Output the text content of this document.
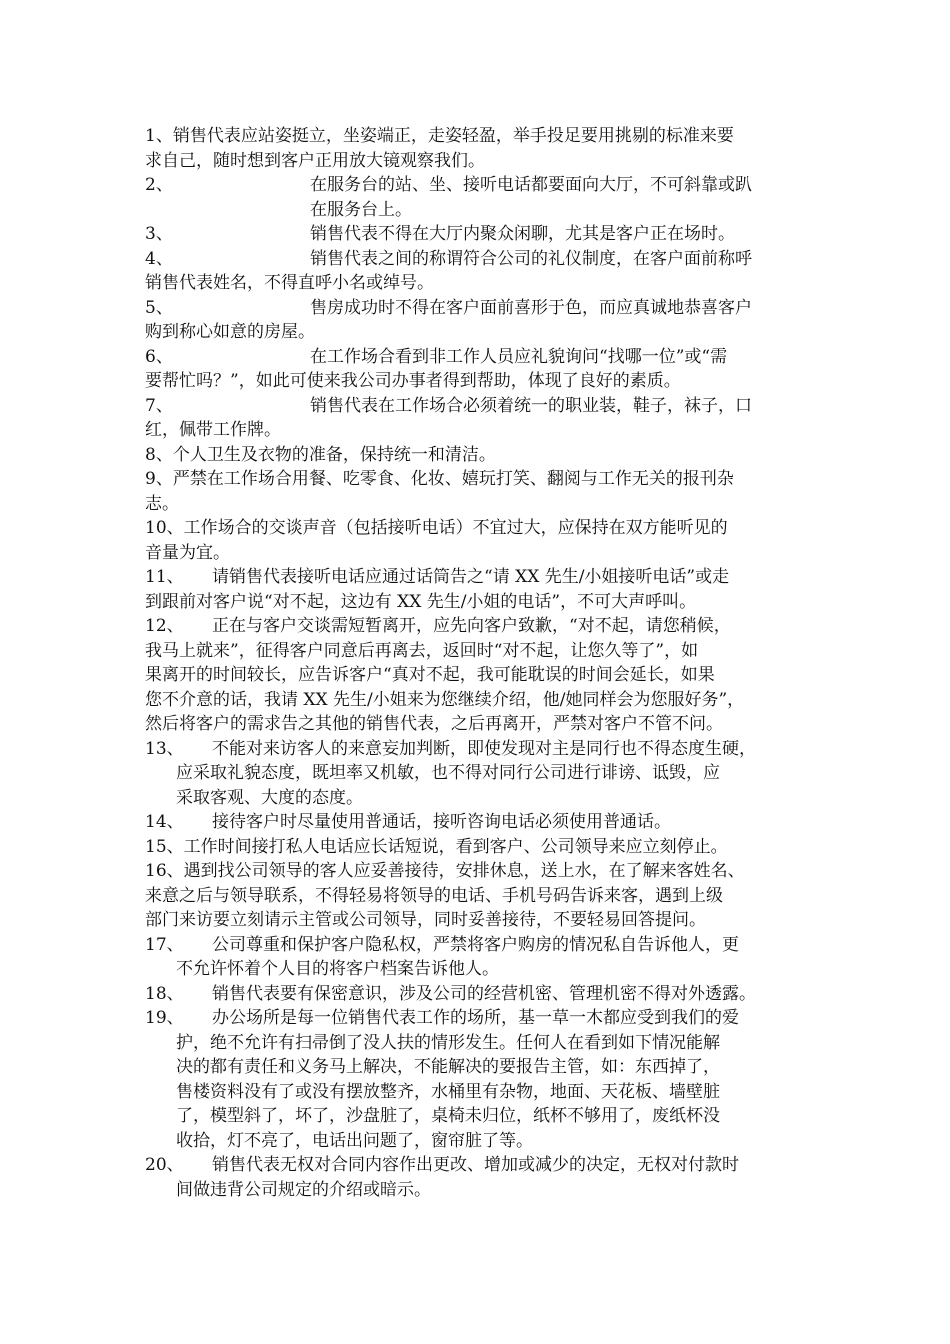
1、销售代表应站姿挺立，坐姿端正，走姿轻盈，举手投足要用挑剔的标准来要
求自己，随时想到客户正用放大镜观察我们。
2、	在服务台的站、坐、接听电话都要面向大厅，不可斜靠或趴
在服务台上。
3、	销售代表不得在大厅内聚众闲聊，尤其是客户正在场时。
4、	销售代表之间的称谓符合公司的礼仪制度，在客户面前称呼
销售代表姓名，不得直呼小名或绰号。
5、	售房成功时不得在客户面前喜形于色，而应真诚地恭喜客户
购到称心如意的房屋。
6、	在工作场合看到非工作人员应礼貌询问“找哪一位”或“需
要帮忙吗？”，如此可使来我公司办事者得到帮助，体现了良好的素质。
7、	销售代表在工作场合必须着统一的职业装，鞋子，袜子，口
红，佩带工作牌。
8、个人卫生及衣物的准备，保持统一和清洁。
9、严禁在工作场合用餐、吃零食、化妆、嬉玩打笑、翻阅与工作无关的报刊杂
志。
10、工作场合的交谈声音（包括接听电话）不宜过大，应保持在双方能听见的
音量为宜。
11、 请销售代表接听电话应通过话筒告之“请 XX 先生/小姐接听电话”或走
到跟前对客户说“对不起，这边有 XX 先生/小姐的电话”，不可大声呼叫。
12、 正在与客户交谈需短暂离开，应先向客户致歉，“对不起，请您稍候，
我马上就来”，征得客户同意后再离去，返回时“对不起，让您久等了”，如
果离开的时间较长，应告诉客户“真对不起，我可能耽误的时间会延长，如果
您不介意的话，我请 XX 先生/小姐来为您继续介绍，他/她同样会为您服好务”，
然后将客户的需求告之其他的销售代表，之后再离开，严禁对客户不管不问。
13、 不能对来访客人的来意妄加判断，即使发现对主是同行也不得态度生硬，
应采取礼貌态度，既坦率又机敏，也不得对同行公司进行诽谤、诋毁，应
采取客观、大度的态度。
14、 接待客户时尽量使用普通话，接听咨询电话必须使用普通话。
15、工作时间接打私人电话应长话短说，看到客户、公司领导来应立刻停止。
16、遇到找公司领导的客人应妥善接待，安排休息，送上水，在了解来客姓名、
来意之后与领导联系，不得轻易将领导的电话、手机号码告诉来客，遇到上级
部门来访要立刻请示主管或公司领导，同时妥善接待，不要轻易回答提问。
17、 公司尊重和保护客户隐私权，严禁将客户购房的情况私自告诉他人，更
不允许怀着个人目的将客户档案告诉他人。
18、 销售代表要有保密意识，涉及公司的经营机密、管理机密不得对外透露。
19、 办公场所是每一位销售代表工作的场所，基一草一木都应受到我们的爱
护，绝不允许有扫帚倒了没人扶的情形发生。任何人在看到如下情况能解
决的都有责任和义务马上解决，不能解决的要报告主管，如：东西掉了，
售楼资料没有了或没有摆放整齐，水桶里有杂物，地面、天花板、墙壁脏
了，模型斜了，坏了，沙盘脏了，桌椅未归位，纸杯不够用了，废纸杯没
收拾，灯不亮了，电话出问题了，窗帘脏了等。
20、 销售代表无权对合同内容作出更改、增加或减少的决定，无权对付款时
间做违背公司规定的介绍或暗示。
